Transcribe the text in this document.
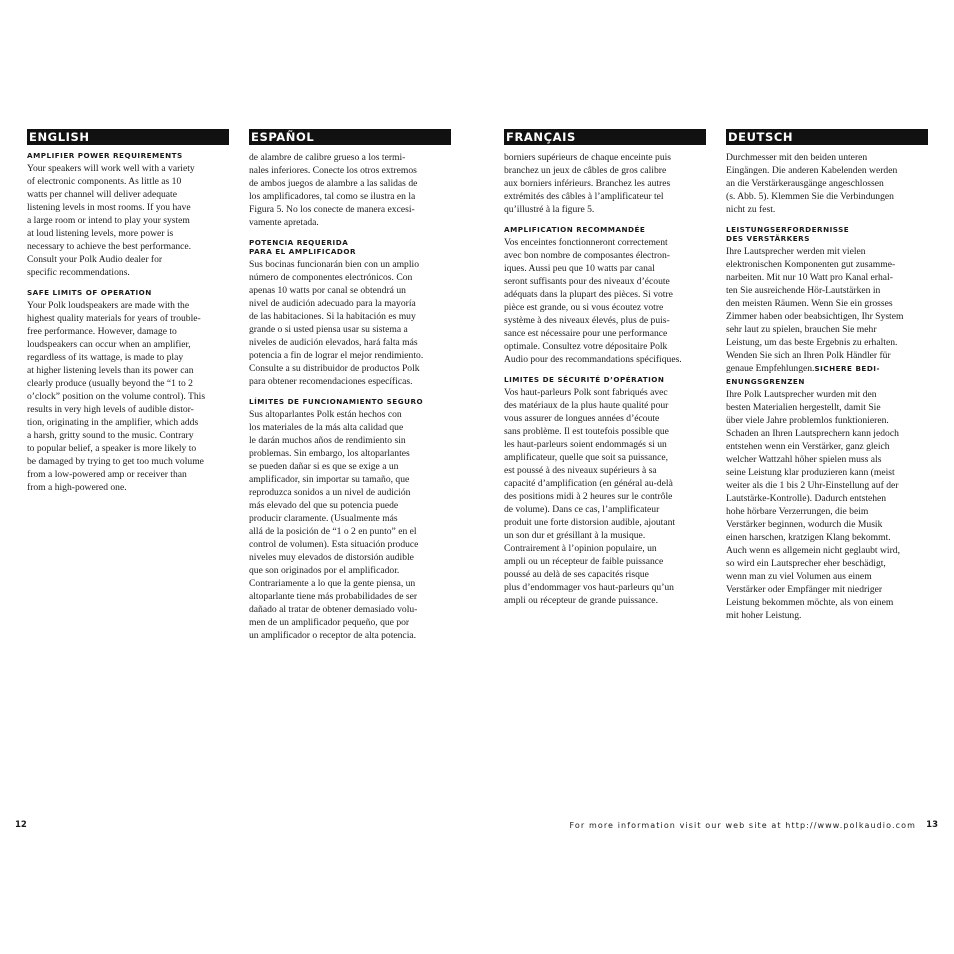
ENGLISH
AMPLIFIER POWER REQUIREMENTS

Your speakers will work well with a variety
of electronic components. As little as 10
watts per channel will deliver adequate
listening levels in most rooms. If you have
a large room or intend to play your system
at loud listening levels, more power is
necessary to achieve the best performance.
Consult your Polk Audio dealer for
specific recommendations.

SAFE LIMITS OF OPERATION

Your Polk loudspeakers are made with the
highest quality materials for years of trouble-
free performance. However, damage to
loudspeakers can occur when an amplifier,
regardless of its wattage, is made to play
at higher listening levels than its power can
clearly produce (usually beyond the “1 to 2
o’clock” position on the volume control). This
results in very high levels of audible distor-
tion, originating in the amplifier, which adds
a harsh, gritty sound to the music. Contrary
to popular belief, a speaker is more likely to
be damaged by trying to get too much volume
from a low-powered amp or receiver than
from a high-powered one.

ESPAÑOL

de alambre de calibre grueso a los termi-
nales inferiores. Conecte los otros extremos
de ambos juegos de alambre a las salidas de
los amplificadores, tal como se ilustra en la
Figura 5. No los conecte de manera excesi-
vamente apretada.

POTENCIA REQUERIDA
PARA EL AMPLIFICADOR

Sus bocinas funcionarán bien con un amplio
número de componentes electrónicos. Con
apenas 10 watts por canal se obtendrá un
nivel de audición adecuado para la mayoría
de las habitaciones. Si la habitación es muy
grande o si usted piensa usar su sistema a
niveles de audición elevados, hará falta más
potencia a fin de lograr el mejor rendimiento.
Consulte a su distribuidor de productos Polk
para obtener recomendaciones específicas.

LÍMITES DE FUNCIONAMIENTO SEGURO

Sus altoparlantes Polk están hechos con
los materiales de la más alta calidad que
le darán muchos años de rendimiento sin
problemas. Sin embargo, los altoparlantes
se pueden dañar si es que se exige a un
amplificador, sin importar su tamaño, que
reproduzca sonidos a un nivel de audición
más elevado del que su potencia puede
producir claramente. (Usualmente más
allá de la posición de “1 o 2 en punto” en el
control de volumen). Esta situación produce
niveles muy elevados de distorsión audible
que son originados por el amplificador.
Contrariamente a lo que la gente piensa, un
altoparlante tiene más probabilidades de ser
dañado al tratar de obtener demasiado volu-
men de un amplificador pequeño, que por
un amplificador o receptor de alta potencia.

FRANÇAIS

borniers supérieurs de chaque enceinte puis
branchez un jeux de câbles de gros calibre
aux borniers inférieurs. Branchez les autres
extrémités des câbles à l’amplificateur tel
qu’illustré à la figure 5.

AMPLIFICATION RECOMMANDÉE

Vos enceintes fonctionneront correctement
avec bon nombre de composantes électron-
iques. Aussi peu que 10 watts par canal
seront suffisants pour des niveaux d’écoute
adéquats dans la plupart des pièces. Si votre
pièce est grande, ou si vous écoutez votre
système à des niveaux élevés, plus de puis-
sance est nécessaire pour une performance
optimale. Consultez votre dépositaire Polk
Audio pour des recommandations spécifiques.

LIMITES DE SÉCURITÉ D’OPÉRATION

Vos haut-parleurs Polk sont fabriqués avec
des matériaux de la plus haute qualité pour
vous assurer de longues années d’écoute
sans problème. Il est toutefois possible que
les haut-parleurs soient endommagés si un
amplificateur, quelle que soit sa puissance,
est poussé à des niveaux supérieurs à sa
capacité d’amplification (en général au-delà
des positions midi à 2 heures sur le contrôle
de volume). Dans ce cas, l’amplificateur
produit une forte distorsion audible, ajoutant
un son dur et grésillant à la musique.
Contrairement à l’opinion populaire, un
ampli ou un récepteur de faible puissance
poussé au delà de ses capacités risque
plus d’endommager vos haut-parleurs qu’un
ampli ou récepteur de grande puissance.

DEUTSCH

Durchmesser mit den beiden unteren
Eingängen. Die anderen Kabelenden werden
an die Verstärkerausgänge angeschlossen
(s. Abb. 5). Klemmen Sie die Verbindungen
nicht zu fest.

LEISTUNGSERFORDERNISSE
DES VERSTÄRKERS

Ihre Lautsprecher werden mit vielen
elektronischen Komponenten gut zusamme-
narbeiten. Mit nur 10 Watt pro Kanal erhal-
ten Sie ausreichende Hör-Lautstärken in
den meisten Räumen. Wenn Sie ein grosses
Zimmer haben oder beabsichtigen, Ihr System
sehr laut zu spielen, brauchen Sie mehr
Leistung, um das beste Ergebnis zu erhalten.
Wenden Sie sich an Ihren Polk Händler für
genaue Empfehlungen.SICHERE BEDI-
ENUNGSGRENZEN
Ihre Polk Lautsprecher wurden mit den
besten Materialien hergestellt, damit Sie
über viele Jahre problemlos funktionieren.
Schaden an Ihren Lautsprechern kann jedoch
entstehen wenn ein Verstärker, ganz gleich
welcher Wattzahl höher spielen muss als
seine Leistung klar produzieren kann (meist
weiter als die 1 bis 2 Uhr-Einstellung auf der
Lautstärke-Kontrolle). Dadurch entstehen
hohe hörbare Verzerrungen, die beim
Verstärker beginnen, wodurch die Musik
einen harschen, kratzigen Klang bekommt.
Auch wenn es allgemein nicht geglaubt wird,
so wird ein Lautsprecher eher beschädigt,
wenn man zu viel Volumen aus einem
Verstärker oder Empfänger mit niedriger
Leistung bekommen möchte, als von einem
mit hoher Leistung.

12	For more information visit our web site at http://www.polkaudio.com 13
